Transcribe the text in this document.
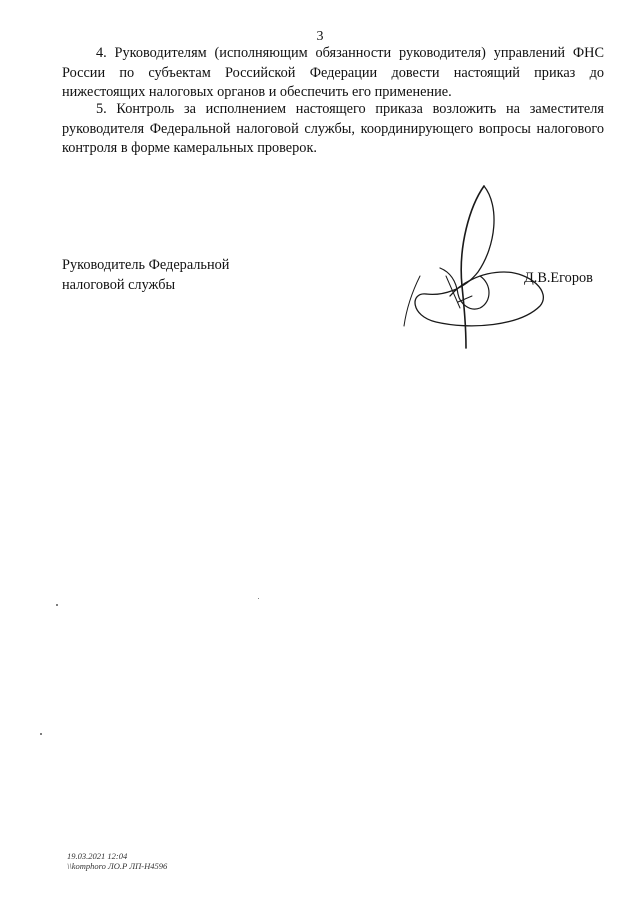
3

4. Руководителям (исполняющим обязанности руководителя) управлений ФНС России по субъектам Российской Федерации довести настоящий приказ до нижестоящих налоговых органов и обеспечить его применение.

5. Контроль за исполнением настоящего приказа возложить на заместителя руководителя Федеральной налоговой службы, координирующего вопросы налогового контроля в форме камеральных проверок.

Руководитель Федеральной
налоговой службы	Д.В.Егоров
19.03.2021 12:04
\\komphoro ЛО.Р ЛП-Н4596
